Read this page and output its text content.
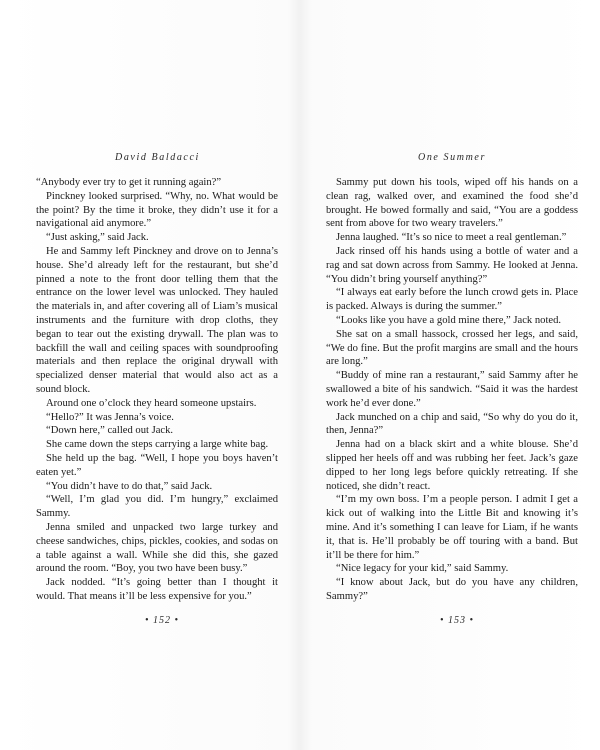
David Baldacci

“Anybody ever try to get it running again?”

Pinckney looked surprised. “Why, no. What would be the point? By the time it broke, they didn’t use it for a navigational aid anymore.”

“Just asking,” said Jack.

He and Sammy left Pinckney and drove on to Jenna’s house. She’d already left for the restaurant, but she’d pinned a note to the front door telling them that the entrance on the lower level was unlocked. They hauled the materials in, and after covering all of Liam’s musical instruments and the furniture with drop cloths, they began to tear out the existing drywall. The plan was to backfill the wall and ceiling spaces with soundproofing materials and then replace the original drywall with specialized denser material that would also act as a sound block.

Around one o’clock they heard someone upstairs.

“Hello?” It was Jenna’s voice.

“Down here,” called out Jack.

She came down the steps carrying a large white bag.

She held up the bag. “Well, I hope you boys haven’t eaten yet.”

“You didn’t have to do that,” said Jack.

“Well, I’m glad you did. I’m hungry,” exclaimed Sammy.

Jenna smiled and unpacked two large turkey and cheese sandwiches, chips, pickles, cookies, and sodas on a table against a wall. While she did this, she gazed around the room. “Boy, you two have been busy.”

Jack nodded. “It’s going better than I thought it would. That means it’ll be less expensive for you.”

• 152 •
One Summer

Sammy put down his tools, wiped off his hands on a clean rag, walked over, and examined the food she’d brought. He bowed formally and said, “You are a goddess sent from above for two weary travelers.”

Jenna laughed. “It’s so nice to meet a real gentleman.”

Jack rinsed off his hands using a bottle of water and a rag and sat down across from Sammy. He looked at Jenna. “You didn’t bring yourself anything?”

“I always eat early before the lunch crowd gets in. Place is packed. Always is during the summer.”

“Looks like you have a gold mine there,” Jack noted.

She sat on a small hassock, crossed her legs, and said, “We do fine. But the profit margins are small and the hours are long.”

“Buddy of mine ran a restaurant,” said Sammy after he swallowed a bite of his sandwich. “Said it was the hardest work he’d ever done.”

Jack munched on a chip and said, “So why do you do it, then, Jenna?”

Jenna had on a black skirt and a white blouse. She’d slipped her heels off and was rubbing her feet. Jack’s gaze dipped to her long legs before quickly retreating. If she noticed, she didn’t react.

“I’m my own boss. I’m a people person. I admit I get a kick out of walking into the Little Bit and knowing it’s mine. And it’s something I can leave for Liam, if he wants it, that is. He’ll probably be off touring with a band. But it’ll be there for him.”

“Nice legacy for your kid,” said Sammy.

“I know about Jack, but do you have any children, Sammy?”

• 153 •
